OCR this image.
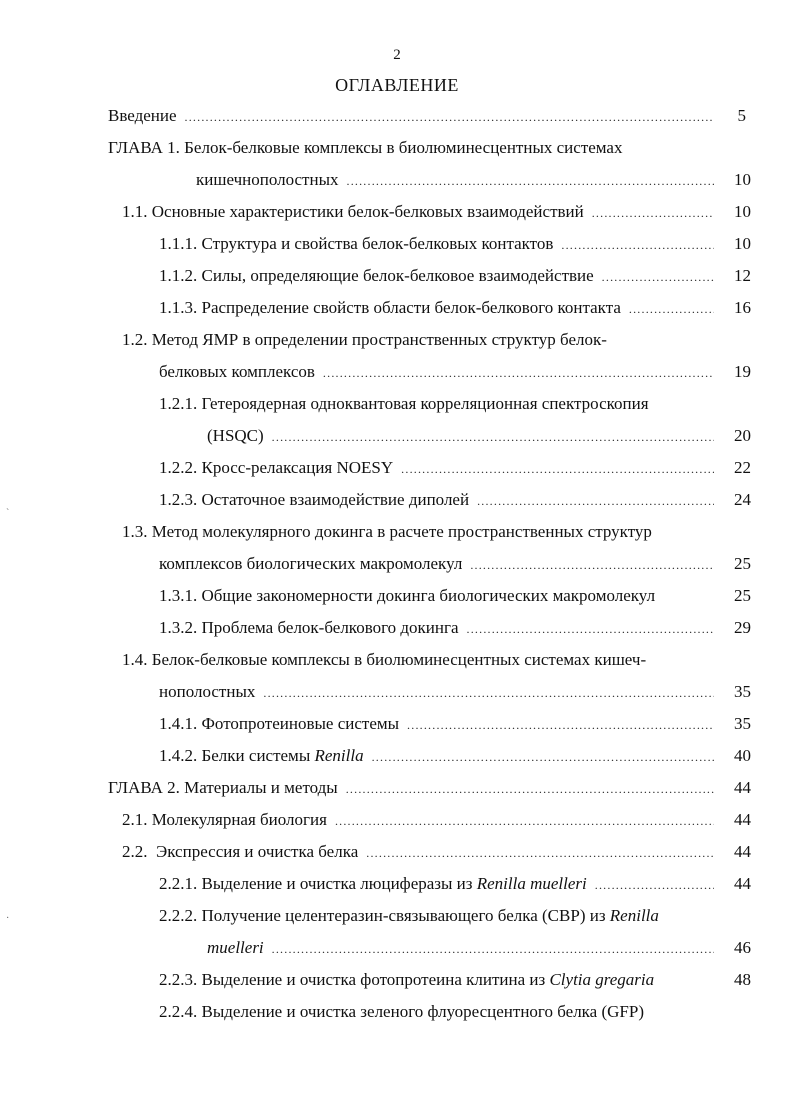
2
ОГЛАВЛЕНИЕ
Введение .....	5
ГЛАВА 1. Белок-белковые комплексы в биолюминесцентных системах
кишечнополостных .....	10
1.1. Основные характеристики белок-белковых взаимодействий .....	10
1.1.1. Структура и свойства белок-белковых контактов .....	10
1.1.2. Силы, определяющие белок-белковое взаимодействие .....	12
1.1.3. Распределение свойств области белок-белкового контакта .....	16
1.2. Метод ЯМР в определении пространственных структур белок-
белковых комплексов .....	19
1.2.1. Гетероядерная одноквантовая корреляционная спектроскопия
(HSQC) .....	20
1.2.2. Кросс-релаксация NOESY .....	22
1.2.3. Остаточное взаимодействие диполей .....	24
1.3. Метод молекулярного докинга в расчете пространственных структур
комплексов биологических макромолекул .....	25
1.3.1. Общие закономерности докинга биологических макромолекул	25
1.3.2. Проблема белок-белкового докинга .....	29
1.4. Белок-белковые комплексы в биолюминесцентных системах кишеч-
нополостных .....	35
1.4.1. Фотопротеиновые системы .....	35
1.4.2. Белки системы Renilla .....	40
ГЛАВА 2. Материалы и методы .....	44
2.1. Молекулярная биология .....	44
2.2.  Экспрессия и очистка белка .....	44
2.2.1. Выделение и очистка люциферазы из Renilla muelleri .....	44
2.2.2. Получение целентеразин-связывающего белка (CBP) из Renilla
muelleri .....	46
2.2.3. Выделение и очистка фотопротеина клитина из Clytia gregaria	48
2.2.4. Выделение и очистка зеленого флуоресцентного белка (GFP)
ˋ
·
